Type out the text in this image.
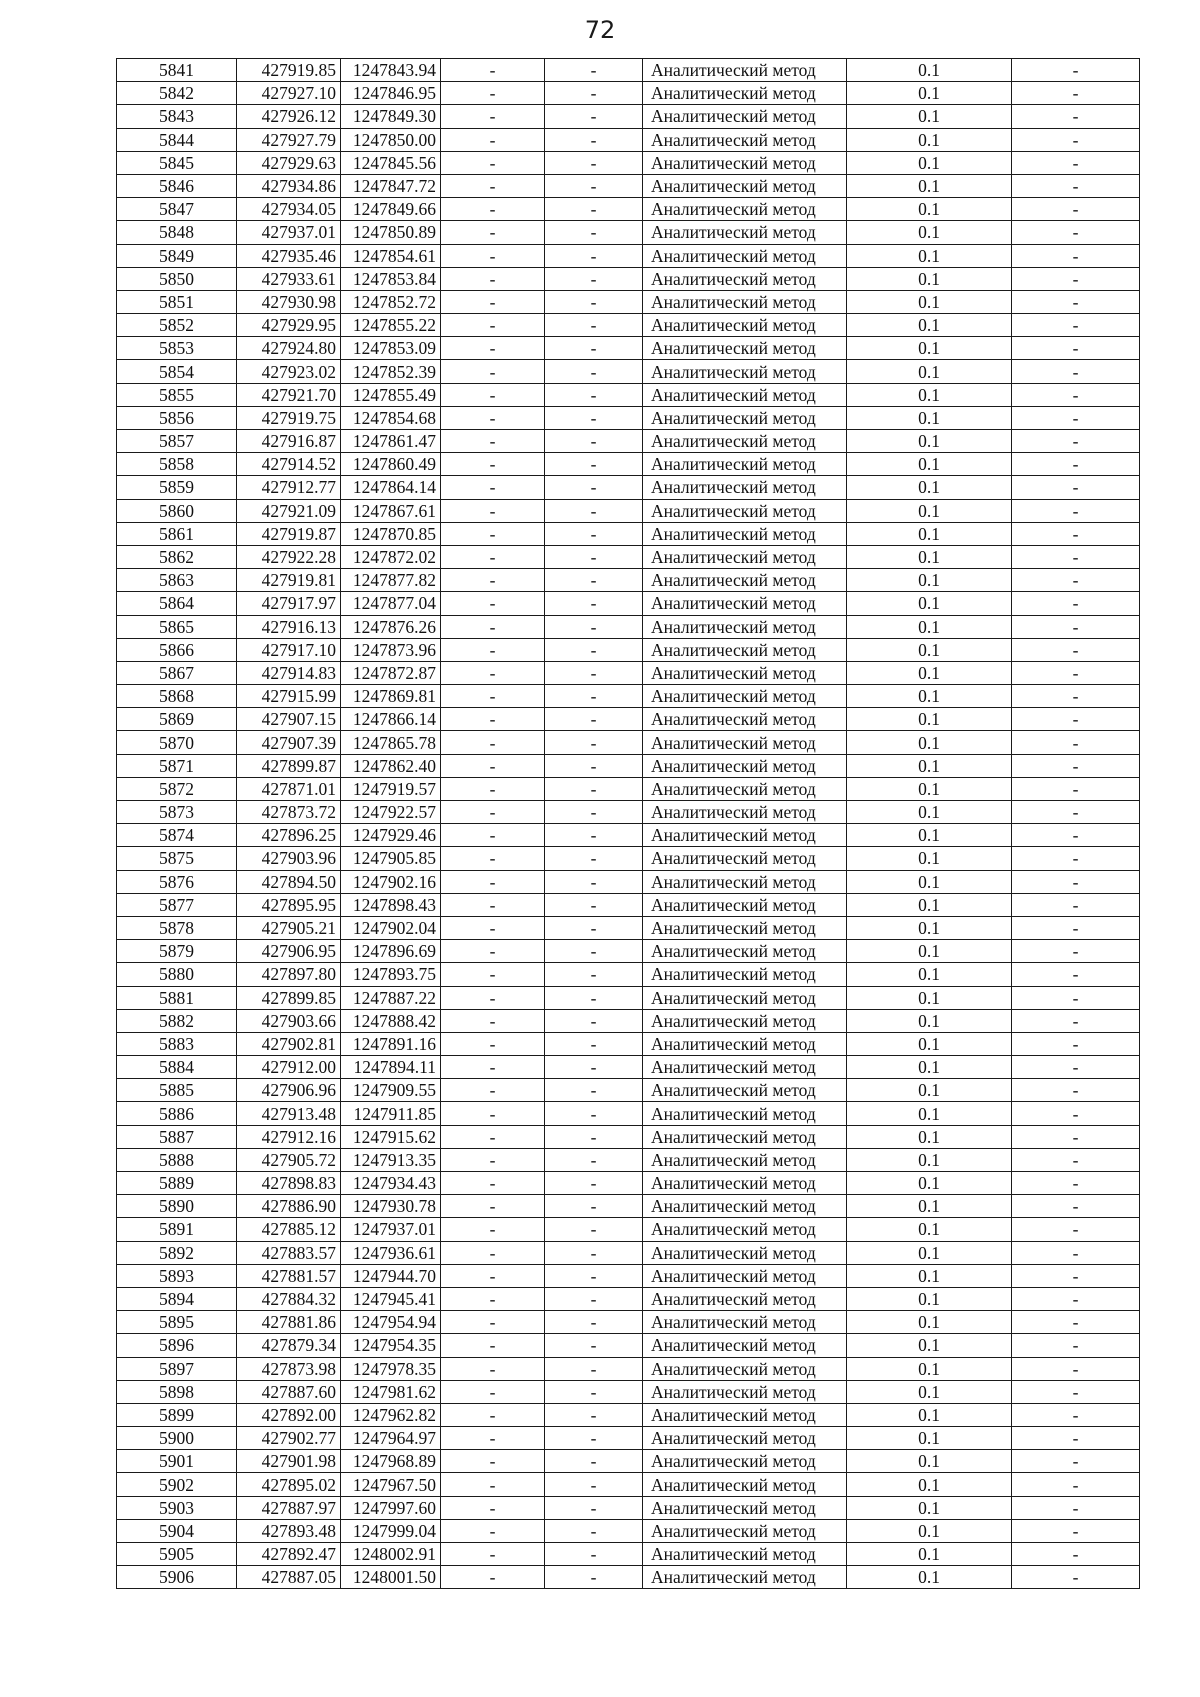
72
5841	427919.85	1247843.94	-	-	Аналитический метод	0.1	-
5842	427927.10	1247846.95	-	-	Аналитический метод	0.1	-
5843	427926.12	1247849.30	-	-	Аналитический метод	0.1	-
5844	427927.79	1247850.00	-	-	Аналитический метод	0.1	-
5845	427929.63	1247845.56	-	-	Аналитический метод	0.1	-
5846	427934.86	1247847.72	-	-	Аналитический метод	0.1	-
5847	427934.05	1247849.66	-	-	Аналитический метод	0.1	-
5848	427937.01	1247850.89	-	-	Аналитический метод	0.1	-
5849	427935.46	1247854.61	-	-	Аналитический метод	0.1	-
5850	427933.61	1247853.84	-	-	Аналитический метод	0.1	-
5851	427930.98	1247852.72	-	-	Аналитический метод	0.1	-
5852	427929.95	1247855.22	-	-	Аналитический метод	0.1	-
5853	427924.80	1247853.09	-	-	Аналитический метод	0.1	-
5854	427923.02	1247852.39	-	-	Аналитический метод	0.1	-
5855	427921.70	1247855.49	-	-	Аналитический метод	0.1	-
5856	427919.75	1247854.68	-	-	Аналитический метод	0.1	-
5857	427916.87	1247861.47	-	-	Аналитический метод	0.1	-
5858	427914.52	1247860.49	-	-	Аналитический метод	0.1	-
5859	427912.77	1247864.14	-	-	Аналитический метод	0.1	-
5860	427921.09	1247867.61	-	-	Аналитический метод	0.1	-
5861	427919.87	1247870.85	-	-	Аналитический метод	0.1	-
5862	427922.28	1247872.02	-	-	Аналитический метод	0.1	-
5863	427919.81	1247877.82	-	-	Аналитический метод	0.1	-
5864	427917.97	1247877.04	-	-	Аналитический метод	0.1	-
5865	427916.13	1247876.26	-	-	Аналитический метод	0.1	-
5866	427917.10	1247873.96	-	-	Аналитический метод	0.1	-
5867	427914.83	1247872.87	-	-	Аналитический метод	0.1	-
5868	427915.99	1247869.81	-	-	Аналитический метод	0.1	-
5869	427907.15	1247866.14	-	-	Аналитический метод	0.1	-
5870	427907.39	1247865.78	-	-	Аналитический метод	0.1	-
5871	427899.87	1247862.40	-	-	Аналитический метод	0.1	-
5872	427871.01	1247919.57	-	-	Аналитический метод	0.1	-
5873	427873.72	1247922.57	-	-	Аналитический метод	0.1	-
5874	427896.25	1247929.46	-	-	Аналитический метод	0.1	-
5875	427903.96	1247905.85	-	-	Аналитический метод	0.1	-
5876	427894.50	1247902.16	-	-	Аналитический метод	0.1	-
5877	427895.95	1247898.43	-	-	Аналитический метод	0.1	-
5878	427905.21	1247902.04	-	-	Аналитический метод	0.1	-
5879	427906.95	1247896.69	-	-	Аналитический метод	0.1	-
5880	427897.80	1247893.75	-	-	Аналитический метод	0.1	-
5881	427899.85	1247887.22	-	-	Аналитический метод	0.1	-
5882	427903.66	1247888.42	-	-	Аналитический метод	0.1	-
5883	427902.81	1247891.16	-	-	Аналитический метод	0.1	-
5884	427912.00	1247894.11	-	-	Аналитический метод	0.1	-
5885	427906.96	1247909.55	-	-	Аналитический метод	0.1	-
5886	427913.48	1247911.85	-	-	Аналитический метод	0.1	-
5887	427912.16	1247915.62	-	-	Аналитический метод	0.1	-
5888	427905.72	1247913.35	-	-	Аналитический метод	0.1	-
5889	427898.83	1247934.43	-	-	Аналитический метод	0.1	-
5890	427886.90	1247930.78	-	-	Аналитический метод	0.1	-
5891	427885.12	1247937.01	-	-	Аналитический метод	0.1	-
5892	427883.57	1247936.61	-	-	Аналитический метод	0.1	-
5893	427881.57	1247944.70	-	-	Аналитический метод	0.1	-
5894	427884.32	1247945.41	-	-	Аналитический метод	0.1	-
5895	427881.86	1247954.94	-	-	Аналитический метод	0.1	-
5896	427879.34	1247954.35	-	-	Аналитический метод	0.1	-
5897	427873.98	1247978.35	-	-	Аналитический метод	0.1	-
5898	427887.60	1247981.62	-	-	Аналитический метод	0.1	-
5899	427892.00	1247962.82	-	-	Аналитический метод	0.1	-
5900	427902.77	1247964.97	-	-	Аналитический метод	0.1	-
5901	427901.98	1247968.89	-	-	Аналитический метод	0.1	-
5902	427895.02	1247967.50	-	-	Аналитический метод	0.1	-
5903	427887.97	1247997.60	-	-	Аналитический метод	0.1	-
5904	427893.48	1247999.04	-	-	Аналитический метод	0.1	-
5905	427892.47	1248002.91	-	-	Аналитический метод	0.1	-
5906	427887.05	1248001.50	-	-	Аналитический метод	0.1	-
